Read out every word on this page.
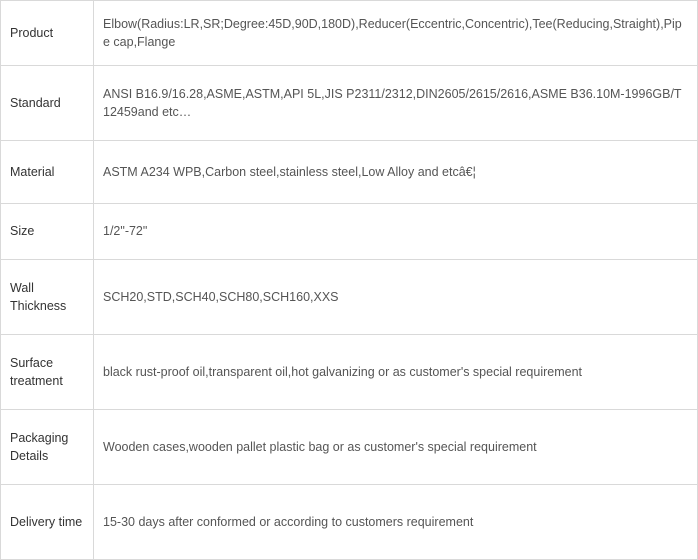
Product	Elbow(Radius:LR,SR;Degree:45D,90D,180D),Reducer(Eccentric,Concentric),Tee(Reducing,Straight),Pipe cap,Flange
Standard	ANSI B16.9/16.28,ASME,ASTM,API 5L,JIS P2311/2312,DIN2605/2615/2616,ASME B36.10M-1996GB/T 12459and etc…
Material	ASTM A234 WPB,Carbon steel,stainless steel,Low Alloy and etcâ€¦
Size	1/2"-72"
Wall Thickness	SCH20,STD,SCH40,SCH80,SCH160,XXS
Surface treatment	black rust-proof oil,transparent oil,hot galvanizing or as customer's special requirement
Packaging Details	Wooden cases,wooden pallet plastic bag or as customer's special requirement
Delivery time	15-30 days after conformed or according to customers requirement
